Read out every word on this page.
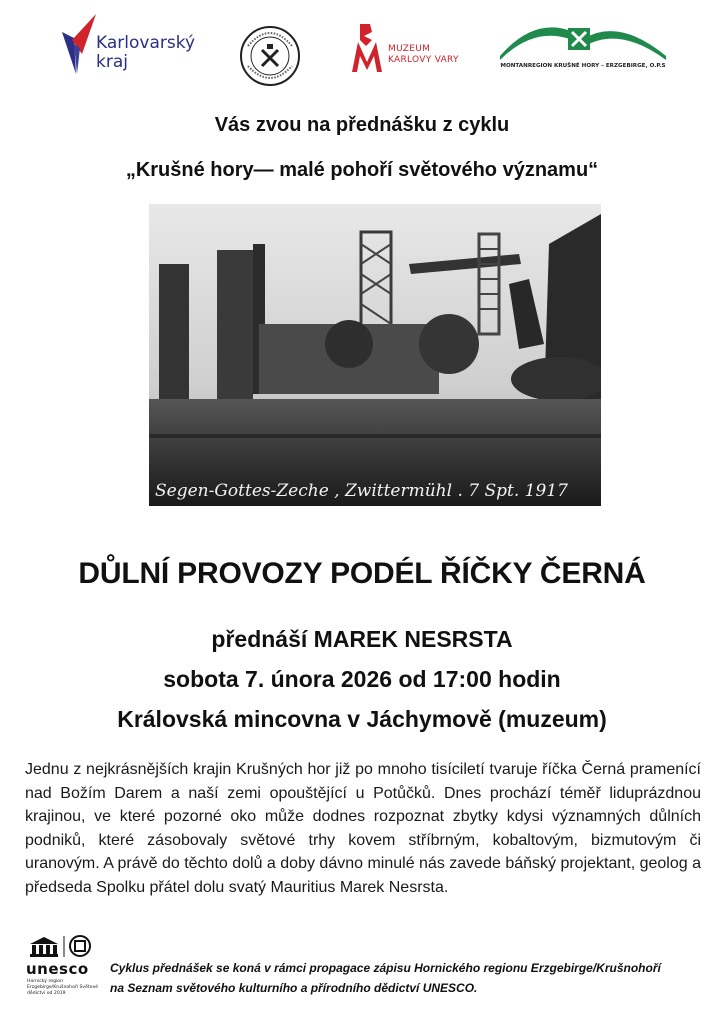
Karlovarský
kraj
MUZEUM
KARLOVY VARY
MONTANREGION KRUŠNÉ HORY – ERZGEBIRGE, O.P.S
Vás zvou na přednášku z cyklu
„Krušné hory— malé pohoří světového významu“
Segen-Gottes-Zeche , Zwittermühl . 7 Spt. 1917
DŮLNÍ PROVOZY PODÉL ŘÍČKY ČERNÁ
přednáší MAREK NESRSTA
sobota 7. února 2026 od 17:00 hodin
Královská mincovna v Jáchymově (muzeum)
Jednu z nejkrásnějších krajin Krušných hor již po mnoho tisíciletí tvaruje říčka Černá pramenící nad Božím Darem a naší zemi opouštějící u Potůčků. Dnes prochází téměř liduprázdnou krajinou, ve které pozorné oko může dodnes rozpoznat zbytky kdysi významných důlních podniků, které zásobovaly světové trhy kovem stříbrným, kobaltovým, bizmutovým či uranovým. A právě do těchto dolů a doby dávno minulé nás zavede báňský projektant, geolog a předseda Spolku přátel dolu svatý Mauritius Marek Nesrsta.
unesco
Hornický region Erzgebirge/Krušnohoří Světové dědictví od 2019
Cyklus přednášek se koná v rámci propagace zápisu Hornického regionu Erzgebirge/Krušnohoří
na Seznam světového kulturního a přírodního dědictví UNESCO.
